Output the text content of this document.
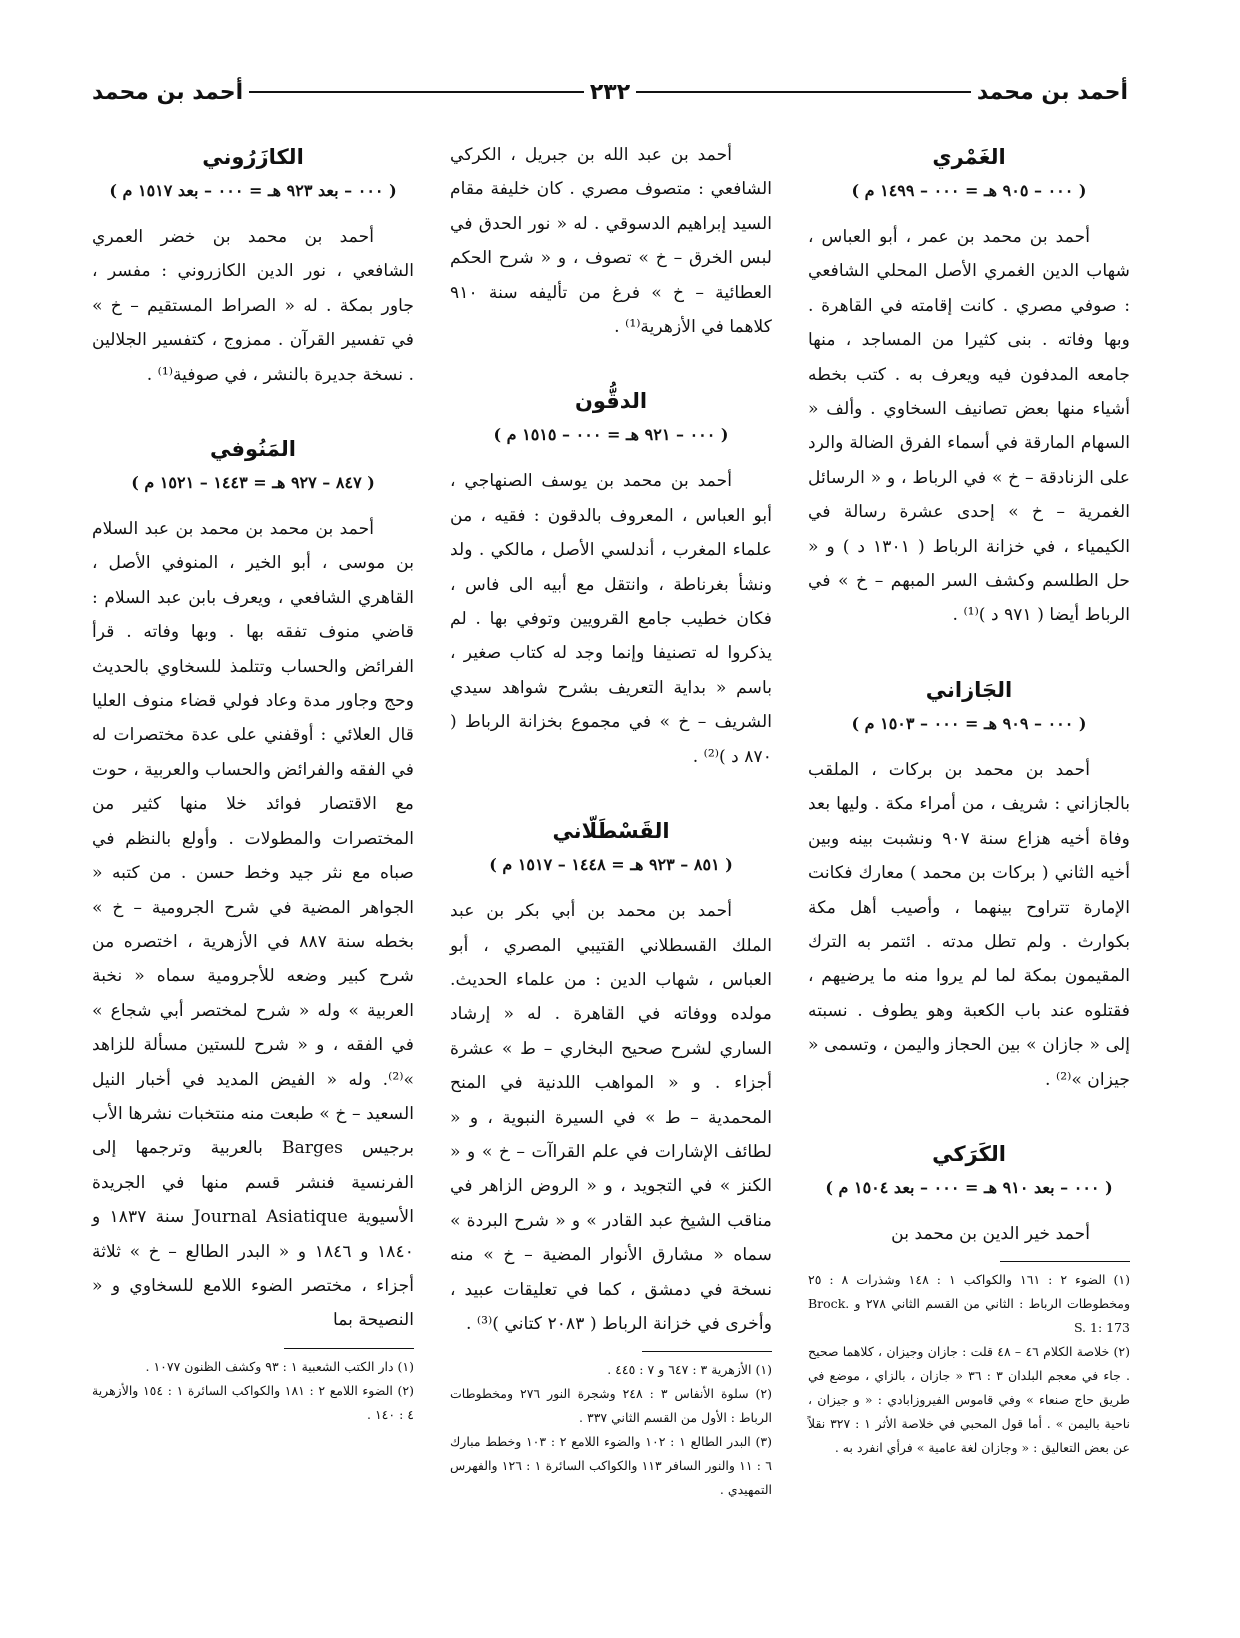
أحمد بن محمد
٢٣٢
أحمد بن محمد
الغَمْري
( ٠٠٠ – ٩٠٥ هـ = ٠٠٠ – ١٤٩٩ م )

أحمد بن محمد بن عمر ، أبو العباس ، شهاب الدين الغمري الأصل المحلي الشافعي : صوفي مصري . كانت إقامته في القاهرة . وبها وفاته . بنى كثيرا من المساجد ، منها جامعه المدفون فيه ويعرف به . كتب بخطه أشياء منها بعض تصانيف السخاوي . وألف « السهام المارقة في أسماء الفرق الضالة والرد على الزنادقة – خ » في الرباط ، و « الرسائل الغمرية – خ » إحدى عشرة رسالة في الكيمياء ، في خزانة الرباط ( ١٣٠١ د ) و « حل الطلسم وكشف السر المبهم – خ » في الرباط أيضا ( ٩٧١ د )⁽¹⁾ .

الجَازاني
( ٠٠٠ – ٩٠٩ هـ = ٠٠٠ – ١٥٠٣ م )

أحمد بن محمد بن بركات ، الملقب بالجازاني : شريف ، من أمراء مكة . وليها بعد وفاة أخيه هزاع سنة ٩٠٧ ونشبت بينه وبين أخيه الثاني ( بركات بن محمد ) معارك فكانت الإمارة تتراوح بينهما ، وأصيب أهل مكة بكوارث . ولم تطل مدته . ائتمر به الترك المقيمون بمكة لما لم يروا منه ما يرضيهم ، فقتلوه عند باب الكعبة وهو يطوف . نسبته إلى « جازان » بين الحجاز واليمن ، وتسمى « جيزان »⁽²⁾ .

الكَرَكي
( ٠٠٠ – بعد ٩١٠ هـ = ٠٠٠ – بعد ١٥٠٤ م )

أحمد خير الدين بن محمد بن

(١) الضوء ٢ : ١٦١ والكواكب ١ : ١٤٨ وشذرات ٨ : ٢٥ ومخطوطات الرباط : الثاني من القسم الثاني ٢٧٨ و Brock. S. 1: 173

(٢) خلاصة الكلام ٤٦ – ٤٨ قلت : جازان وجيزان ، كلاهما صحيح . جاء في معجم البلدان ٣ : ٣٦ « جازان ، بالزاي ، موضع في طريق حاج صنعاء » وفي قاموس الفيروزابادي : « و جيزان ، ناحية باليمن » . أما قول المحبي في خلاصة الأثر ١ : ٣٢٧ نقلاً عن بعض التعاليق : « وجازان لغة عامية » فرأي انفرد به .

أحمد بن عبد الله بن جبريل ، الكركي الشافعي : متصوف مصري . كان خليفة مقام السيد إبراهيم الدسوقي . له « نور الحدق في لبس الخرق – خ » تصوف ، و « شرح الحكم العطائية – خ » فرغ من تأليفه سنة ٩١٠ كلاهما في الأزهرية⁽¹⁾ .

الدقُّون
( ٠٠٠ – ٩٢١ هـ = ٠٠٠ – ١٥١٥ م )

أحمد بن محمد بن يوسف الصنهاجي ، أبو العباس ، المعروف بالدقون : فقيه ، من علماء المغرب ، أندلسي الأصل ، مالكي . ولد ونشأ بغرناطة ، وانتقل مع أبيه الى فاس ، فكان خطيب جامع القرويين وتوفي بها . لم يذكروا له تصنيفا وإنما وجد له كتاب صغير ، باسم « بداية التعريف بشرح شواهد سيدي الشريف – خ » في مجموع بخزانة الرباط ( ٨٧٠ د )⁽²⁾ .

القَسْطَلّاني
( ٨٥١ – ٩٢٣ هـ = ١٤٤٨ – ١٥١٧ م )

أحمد بن محمد بن أبي بكر بن عبد الملك القسطلاني القتيبي المصري ، أبو العباس ، شهاب الدين : من علماء الحديث. مولده ووفاته في القاهرة . له « إرشاد الساري لشرح صحيح البخاري – ط » عشرة أجزاء . و « المواهب اللدنية في المنح المحمدية – ط » في السيرة النبوية ، و « لطائف الإشارات في علم القراآت – خ » و « الكنز » في التجويد ، و « الروض الزاهر في مناقب الشيخ عبد القادر » و « شرح البردة » سماه « مشارق الأنوار المضية – خ » منه نسخة في دمشق ، كما في تعليقات عبيد ، وأخرى في خزانة الرباط ( ٢٠٨٣ كتاني )⁽³⁾ .

(١) الأزهرية ٣ : ٦٤٧ و ٧ : ٤٤٥ .

(٢) سلوة الأنفاس ٣ : ٢٤٨ وشجرة النور ٢٧٦ ومخطوطات الرباط : الأول من القسم الثاني ٣٣٧ .

(٣) البدر الطالع ١ : ١٠٢ والضوء اللامع ٢ : ١٠٣ وخطط مبارك ٦ : ١١ والنور السافر ١١٣ والكواكب السائرة ١ : ١٢٦ والفهرس التمهيدي .

الكازَرُوني
( ٠٠٠ – بعد ٩٢٣ هـ = ٠٠٠ – بعد ١٥١٧ م )

أحمد بن محمد بن خضر العمري الشافعي ، نور الدين الكازروني : مفسر ، جاور بمكة . له « الصراط المستقيم – خ » في تفسير القرآن . ممزوج ، كتفسير الجلالين . نسخة جديرة بالنشر ، في صوفية⁽¹⁾ .

المَنُوفي
( ٨٤٧ – ٩٢٧ هـ = ١٤٤٣ – ١٥٢١ م )

أحمد بن محمد بن محمد بن عبد السلام بن موسى ، أبو الخير ، المنوفي الأصل ، القاهري الشافعي ، ويعرف بابن عبد السلام : قاضي منوف تفقه بها . وبها وفاته . قرأ الفرائض والحساب وتتلمذ للسخاوي بالحديث وحج وجاور مدة وعاد فولي قضاء منوف العليا قال العلائي : أوقفني على عدة مختصرات له في الفقه والفرائض والحساب والعربية ، حوت مع الاقتصار فوائد خلا منها كثير من المختصرات والمطولات . وأولع بالنظم في صباه مع نثر جيد وخط حسن . من كتبه « الجواهر المضية في شرح الجرومية – خ » بخطه سنة ٨٨٧ في الأزهرية ، اختصره من شرح كبير وضعه للأجرومية سماه « نخبة العربية » وله « شرح لمختصر أبي شجاع » في الفقه ، و « شرح للستين مسألة للزاهد »⁽²⁾. وله « الفيض المديد في أخبار النيل السعيد – خ » طبعت منه منتخبات نشرها الأب برجيس Barges بالعربية وترجمها إلى الفرنسية فنشر قسم منها في الجريدة الأسيوية Journal Asiatique سنة ١٨٣٧ و ١٨٤٠ و ١٨٤٦ و « البدر الطالع – خ » ثلاثة أجزاء ، مختصر الضوء اللامع للسخاوي و « النصيحة بما

(١) دار الكتب الشعبية ١ : ٩٣ وكشف الظنون ١٠٧٧ .

(٢) الضوء اللامع ٢ : ١٨١ والكواكب السائرة ١ : ١٥٤ والأزهرية ٤ : ١٤٠ .
